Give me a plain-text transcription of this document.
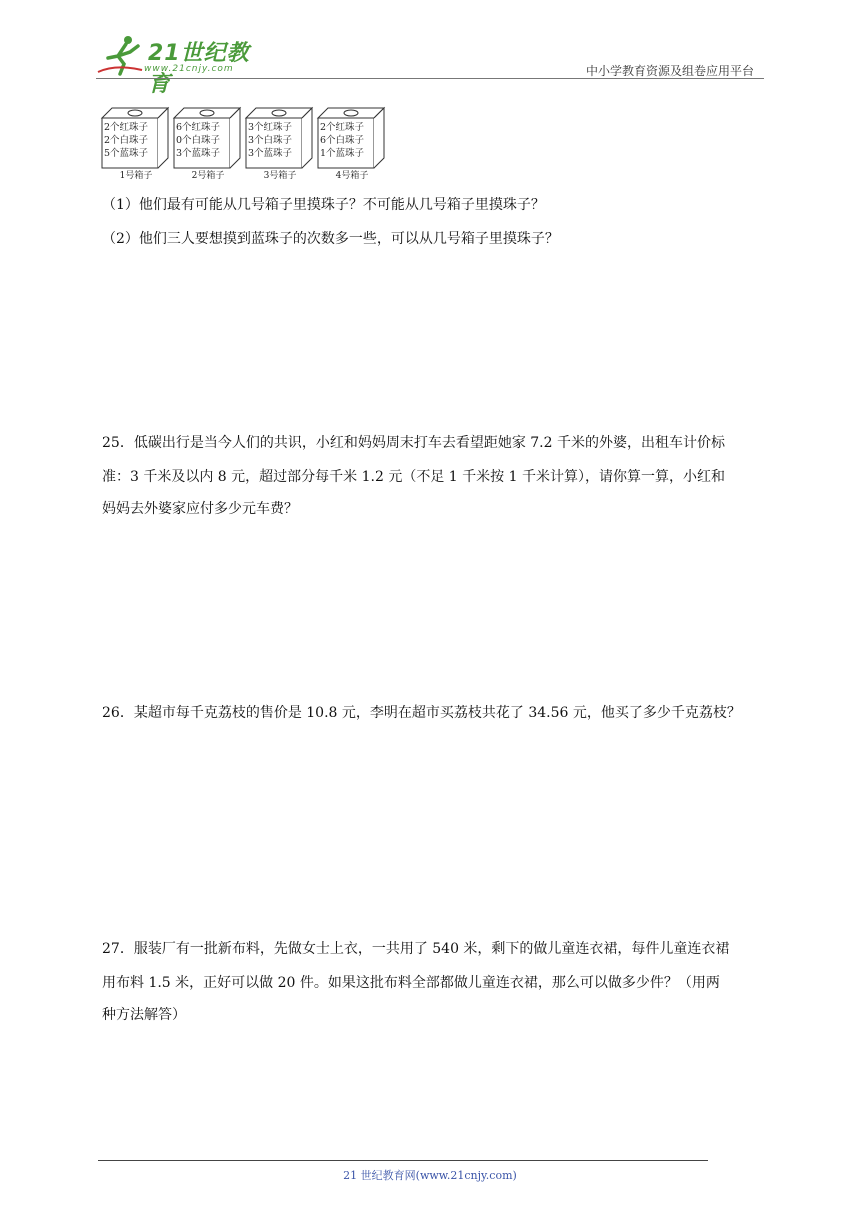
21世纪教育
www.21cnjy.com	中小学教育资源及组卷应用平台
2个红珠子
2个白珠子
5个蓝珠子
1号箱子
6个红珠子
0个白珠子
3个蓝珠子
2号箱子
3个红珠子
3个白珠子
3个蓝珠子
3号箱子
2个红珠子
6个白珠子
1个蓝珠子
4号箱子
（1）他们最有可能从几号箱子里摸珠子？不可能从几号箱子里摸珠子？
（2）他们三人要想摸到蓝珠子的次数多一些，可以从几号箱子里摸珠子？
25．低碳出行是当今人们的共识，小红和妈妈周末打车去看望距她家 7.2 千米的外婆，出租车计价标
准：3 千米及以内 8 元，超过部分每千米 1.2 元（不足 1 千米按 1 千米计算），请你算一算，小红和
妈妈去外婆家应付多少元车费？
26．某超市每千克荔枝的售价是 10.8 元，李明在超市买荔枝共花了 34.56 元，他买了多少千克荔枝？
27．服装厂有一批新布料，先做女士上衣，一共用了 540 米，剩下的做儿童连衣裙，每件儿童连衣裙
用布料 1.5 米，正好可以做 20 件。如果这批布料全部都做儿童连衣裙，那么可以做多少件？（用两
种方法解答）
21 世纪教育网(www.21cnjy.com)
